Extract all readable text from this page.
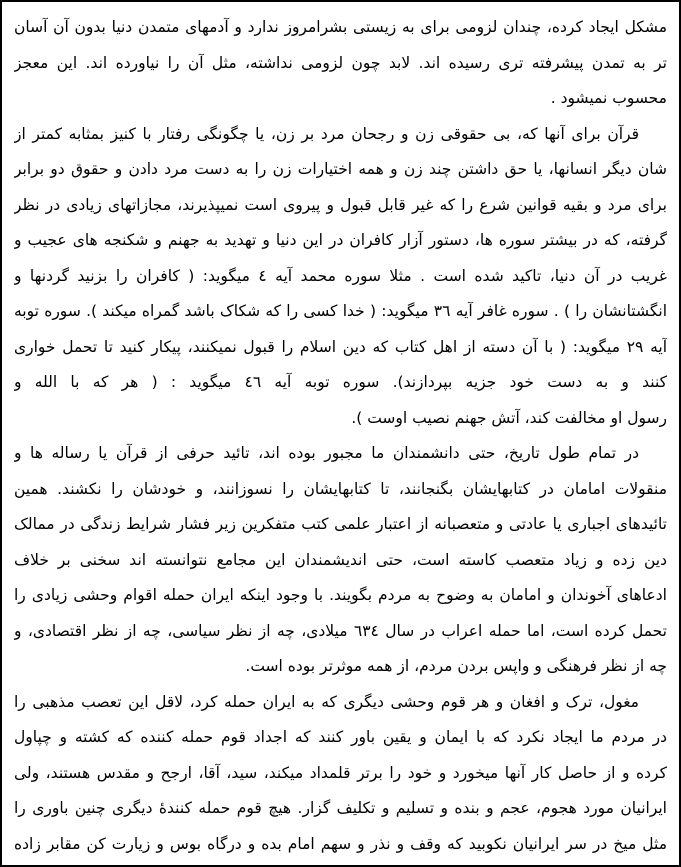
مشکل ایجاد کرده، چندان لزومی برای به زیستی بشرامروز ندارد و آدمهای متمدن دنیا بدون آن آسان
تر به تمدن پیشرفته تری رسیده اند. لابد چون لزومی نداشته، مثل آن را نیاورده اند. این معجز
محسوب نمیشود .
قرآن برای آنها که، بی حقوقی زن و رجحان مرد بر زن، یا چگونگی رفتار با کنیز بمثابه کمتر از
شان دیگر انسانها، یا حق داشتن چند زن و همه اختیارات زن را به دست مرد دادن و حقوق دو برابر
برای مرد و بقیه قوانین شرع را که غیر قابل قبول و پیروی است نمیپذیرند، مجازاتهای زیادی در نظر
گرفته، که در بیشتر سوره ها، دستور آزار کافران در این دنیا و تهدید به جهنم و شکنجه های عجیب و
غریب در آن دنیا، تاکید شده است . مثلا سوره محمد آیه ٤ میگوید: ( کافران را بزنید گردنها و
انگشتانشان را ) . سوره غافر آیه ٣٦ میگوید: ( خدا کسی را که شکاک باشد گمراه میکند ). سوره توبه
آیه ٢٩ میگوید: ( با آن دسته از اهل کتاب که دین اسلام را قبول نمیکنند، پیکار کنید تا تحمل خواری
کنند و به دست خود جزیه بپردازند). سوره توبه آیه ٤٦ میگوید : ( هر که با الله و
رسول او مخالفت کند، آتش جهنم نصیب اوست ).
در تمام طول تاریخ، حتی دانشمندان ما مجبور بوده اند، تائید حرفی از قرآن یا رساله ها و
منقولات امامان در کتابهایشان بگنجانند، تا کتابهایشان را نسوزانند، و خودشان را نکشند. همین
تائیدهای اجباری یا عادتی و متعصبانه از اعتبار علمی کتب متفکرین زیر فشار شرایط زندگی در ممالک
دین زده و زیاد متعصب کاسته است، حتی اندیشمندان این مجامع نتوانسته اند سخنی بر خلاف
ادعاهای آخوندان و امامان به وضوح به مردم بگویند. با وجود اینکه ایران حمله اقوام وحشی زیادی را
تحمل کرده است، اما حمله اعراب در سال ٦٣٤ میلادی، چه از نظر سیاسی، چه از نظر اقتصادی، و
چه از نظر فرهنگی و واپس بردن مردم، از همه موثرتر بوده است.
مغول، ترک و افغان و هر قوم وحشی دیگری که به ایران حمله کرد، لاقل این تعصب مذهبی را
در مردم ما ایجاد نکرد که با ایمان و یقین باور کنند که اجداد قوم حمله کننده که کشته و چپاول
کرده و از حاصل کار آنها میخورد و خود را برتر قلمداد میکند، سید، آقا، ارجح و مقدس هستند، ولی
ایرانیان مورد هجوم، عجم و بنده و تسلیم و تکلیف گزار. هیچ قوم حمله کنندهٔ دیگری چنین باوری را
مثل میخ در سر ایرانیان نکوبید که وقف و نذر و سهم امام بده و درگاه بوس و زیارت کن مقابر زاده
